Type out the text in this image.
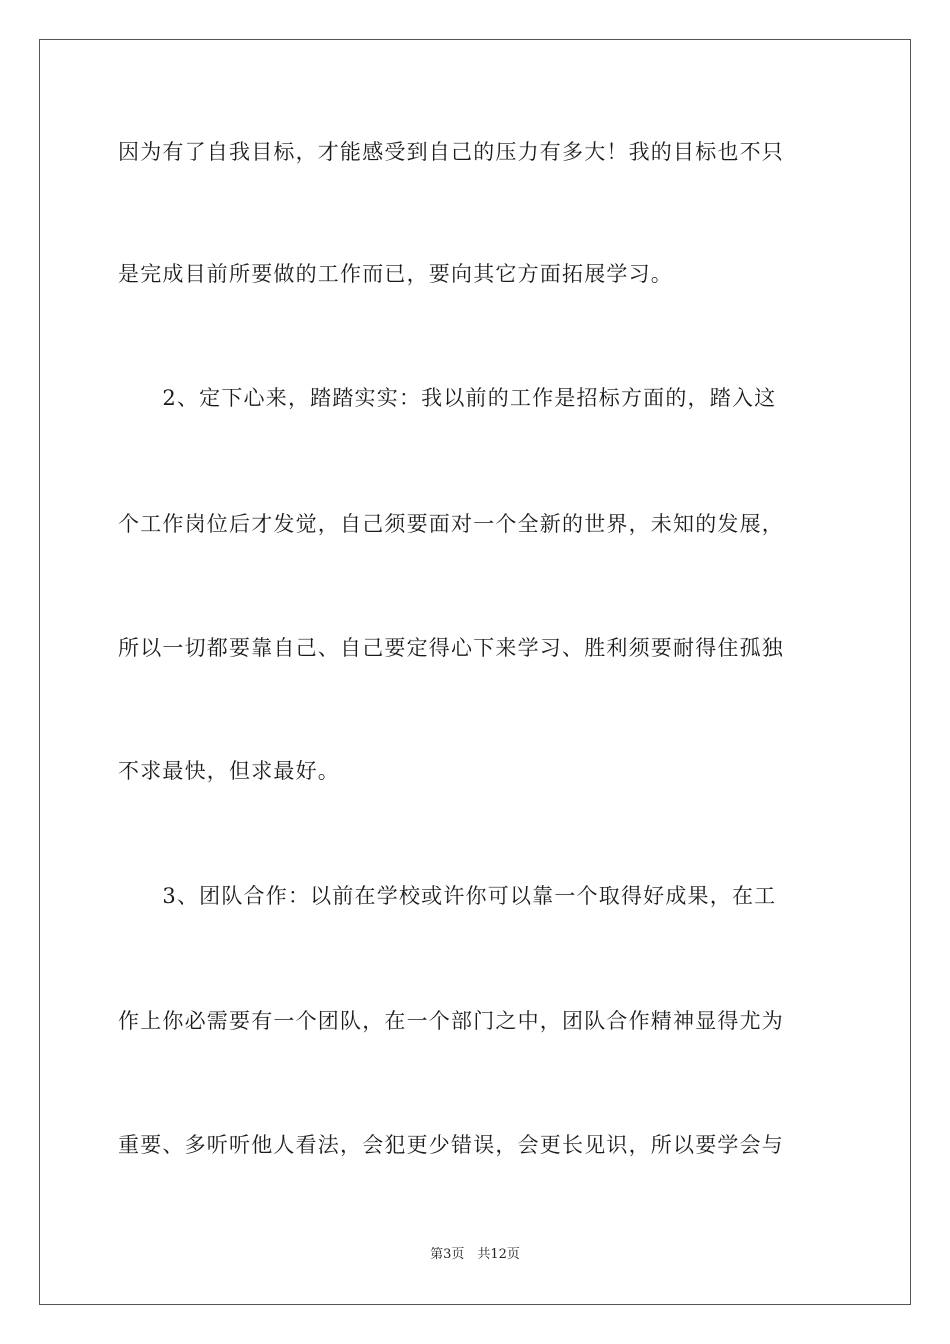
因为有了自我目标，才能感受到自己的压力有多大！我的目标也不只
是完成目前所要做的工作而已，要向其它方面拓展学习。
　　2、定下心来，踏踏实实：我以前的工作是招标方面的，踏入这
个工作岗位后才发觉，自己须要面对一个全新的世界，未知的发展，
所以一切都要靠自己、自己要定得心下来学习、胜利须要耐得住孤独
不求最快，但求最好。
　　3、团队合作：以前在学校或许你可以靠一个取得好成果，在工
作上你必需要有一个团队，在一个部门之中，团队合作精神显得尤为
重要、多听听他人看法，会犯更少错误，会更长见识，所以要学会与
第3页　共12页
